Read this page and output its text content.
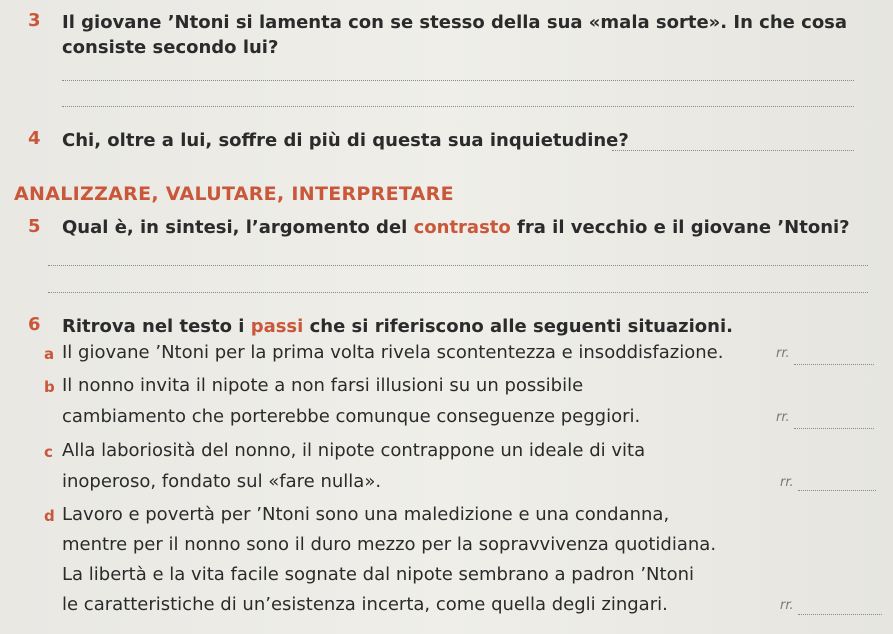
3 Il giovane ’Ntoni si lamenta con se stesso della sua «mala sorte». In che cosa
consiste secondo lui?
4 Chi, oltre a lui, soffre di più di questa sua inquietudine?
ANALIZZARE, VALUTARE, INTERPRETARE
5 Qual è, in sintesi, l’argomento del contrasto fra il vecchio e il giovane ’Ntoni?
6 Ritrova nel testo i passi che si riferiscono alle seguenti situazioni.
a Il giovane ’Ntoni per la prima volta rivela scontentezza e insoddisfazione.	rr.
b Il nonno invita il nipote a non farsi illusioni su un possibile
cambiamento che porterebbe comunque conseguenze peggiori.	rr.
c Alla laboriosità del nonno, il nipote contrappone un ideale di vita
inoperoso, fondato sul «fare nulla».	rr.
d Lavoro e povertà per ’Ntoni sono una maledizione e una condanna,
mentre per il nonno sono il duro mezzo per la sopravvivenza quotidiana.
La libertà e la vita facile sognate dal nipote sembrano a padron ’Ntoni
le caratteristiche di un’esistenza incerta, come quella degli zingari.	rr.
